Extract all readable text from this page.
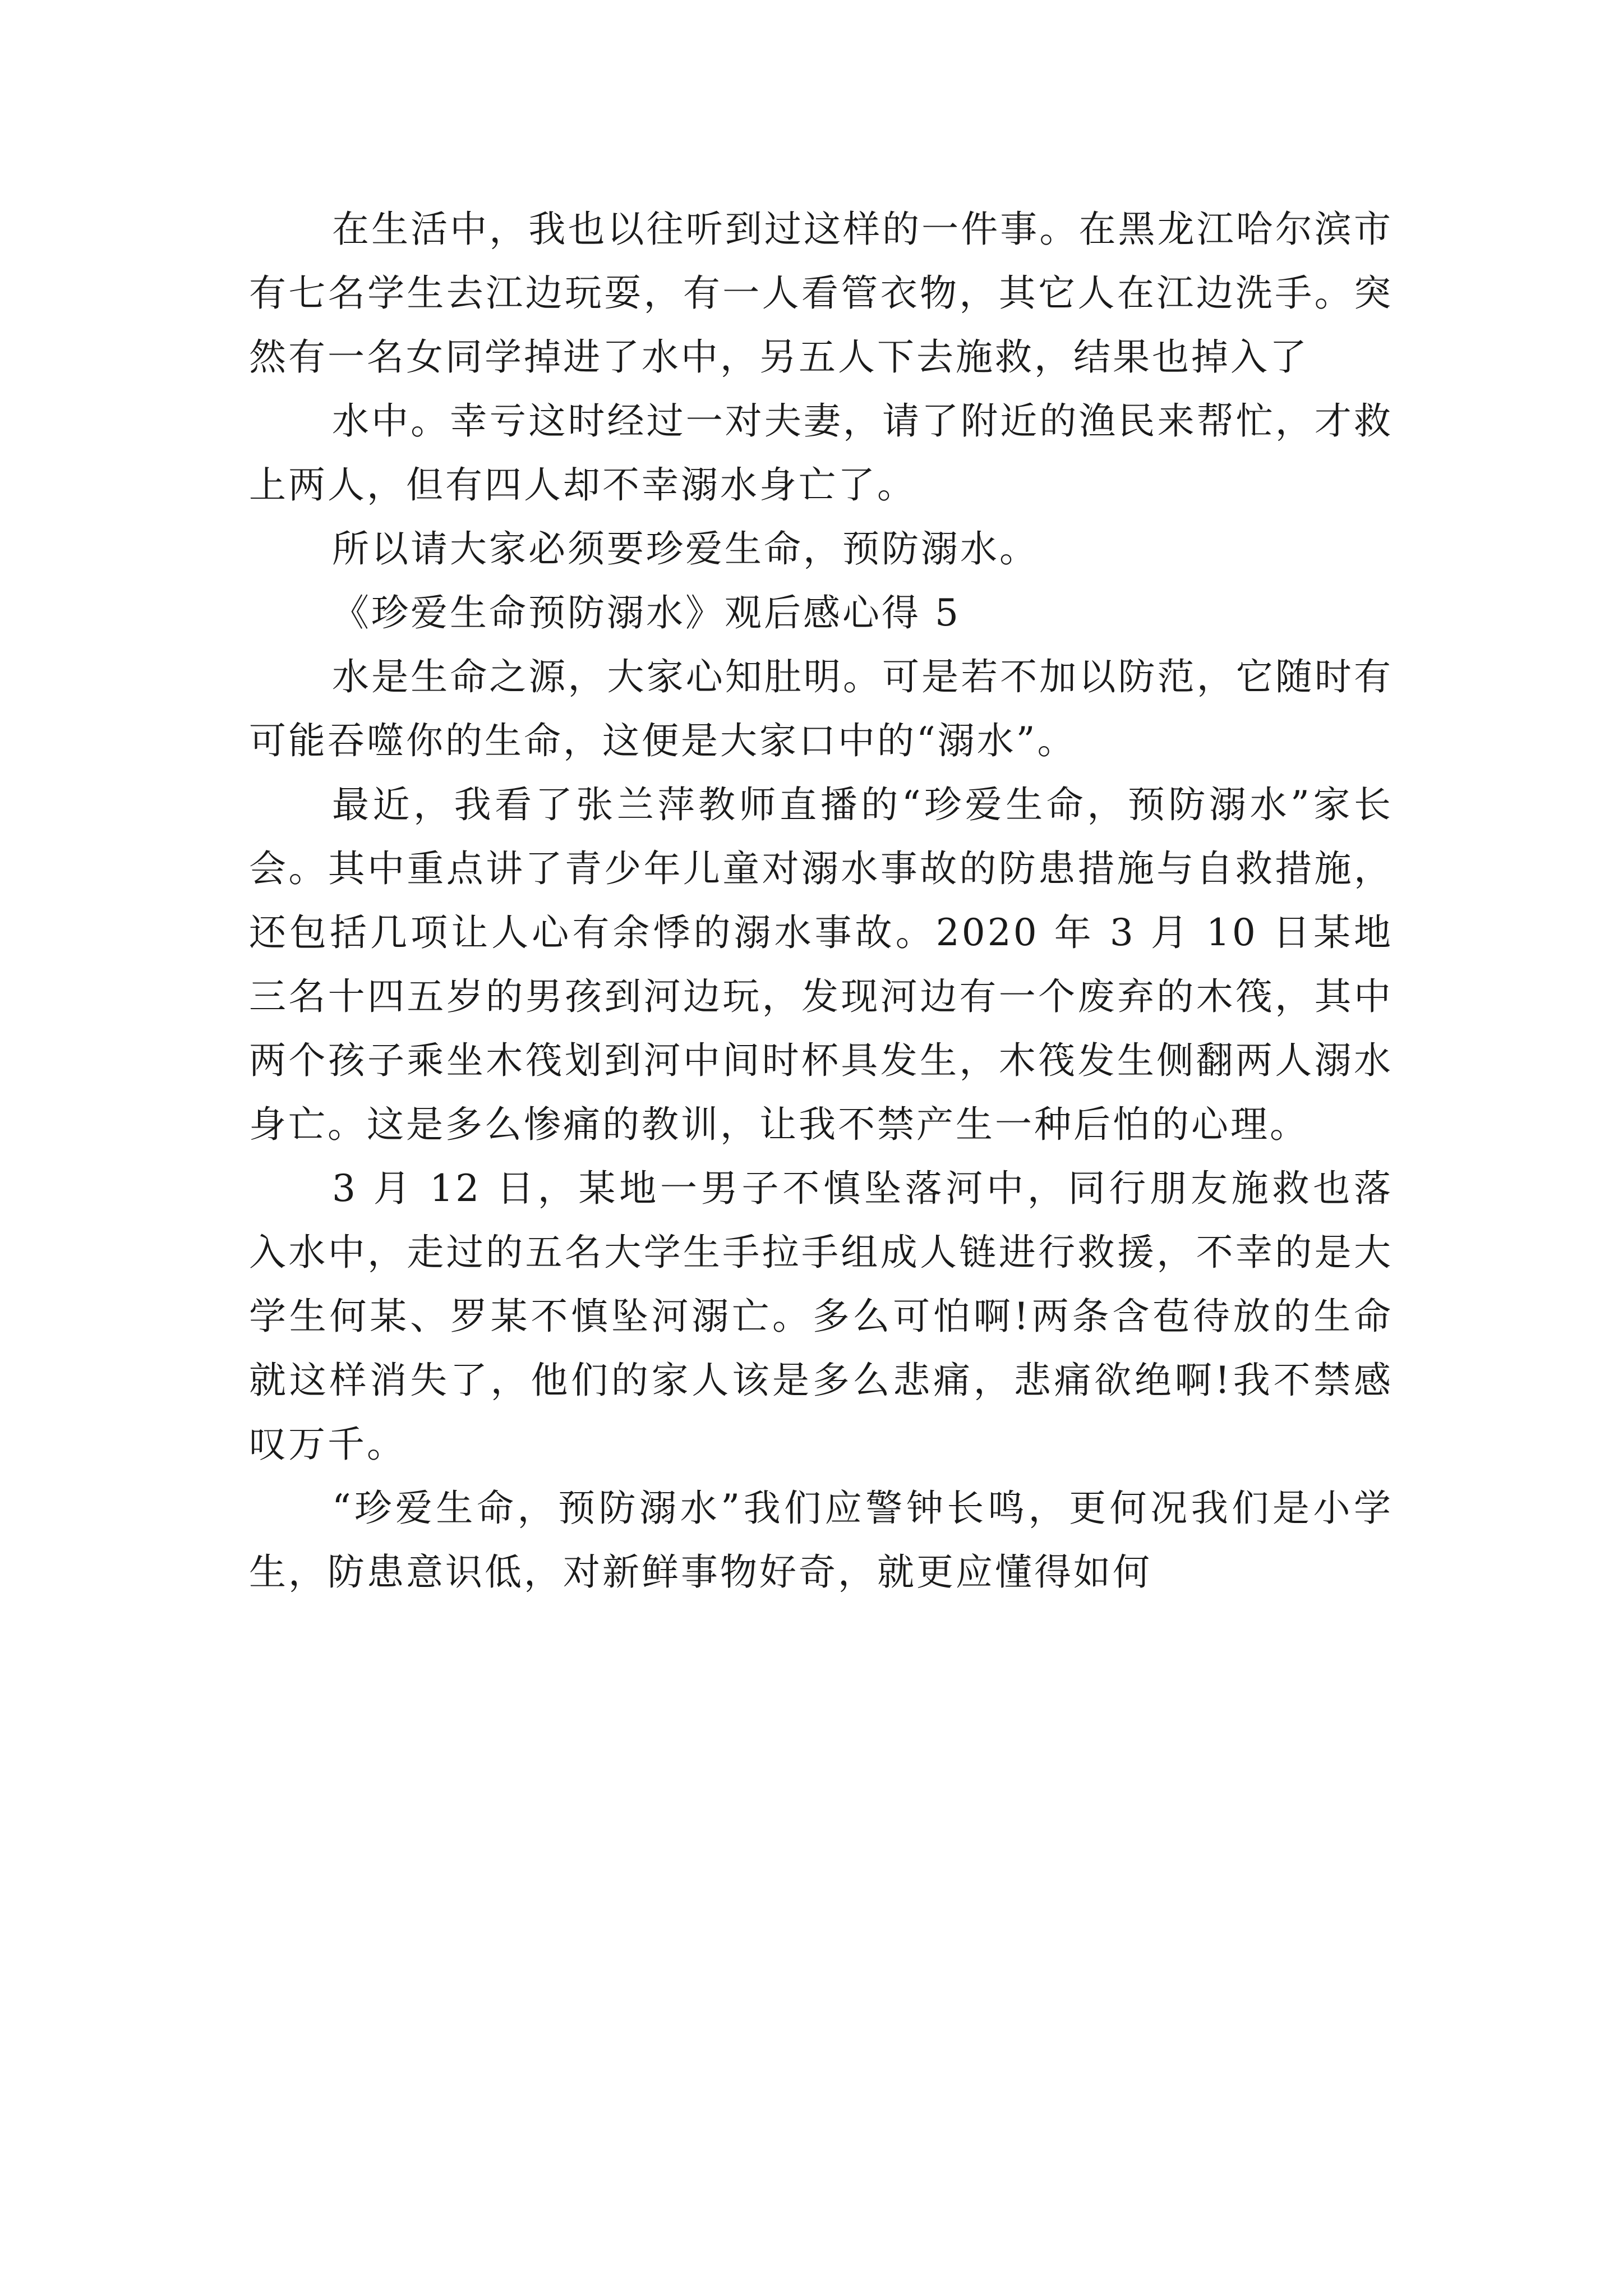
在生活中，我也以往听到过这样的一件事。在黑龙江哈尔滨市有七名学生去江边玩耍，有一人看管衣物，其它人在江边洗手。突然有一名女同学掉进了水中，另五人下去施救，结果也掉入了

水中。幸亏这时经过一对夫妻，请了附近的渔民来帮忙，才救上两人，但有四人却不幸溺水身亡了。

所以请大家必须要珍爱生命，预防溺水。

《珍爱生命预防溺水》观后感心得 5

水是生命之源，大家心知肚明。可是若不加以防范，它随时有可能吞噬你的生命，这便是大家口中的“溺水”。

最近，我看了张兰萍教师直播的“珍爱生命，预防溺水”家长会。其中重点讲了青少年儿童对溺水事故的防患措施与自救措施，还包括几项让人心有余悸的溺水事故。2020 年 3 月 10 日某地三名十四五岁的男孩到河边玩，发现河边有一个废弃的木筏，其中两个孩子乘坐木筏划到河中间时杯具发生，木筏发生侧翻两人溺水身亡。这是多么惨痛的教训，让我不禁产生一种后怕的心理。

3 月 12 日，某地一男子不慎坠落河中，同行朋友施救也落入水中，走过的五名大学生手拉手组成人链进行救援，不幸的是大学生何某、罗某不慎坠河溺亡。多么可怕啊!两条含苞待放的生命就这样消失了，他们的家人该是多么悲痛，悲痛欲绝啊!我不禁感叹万千。

“珍爱生命，预防溺水”我们应警钟长鸣，更何况我们是小学生，防患意识低，对新鲜事物好奇，就更应懂得如何
